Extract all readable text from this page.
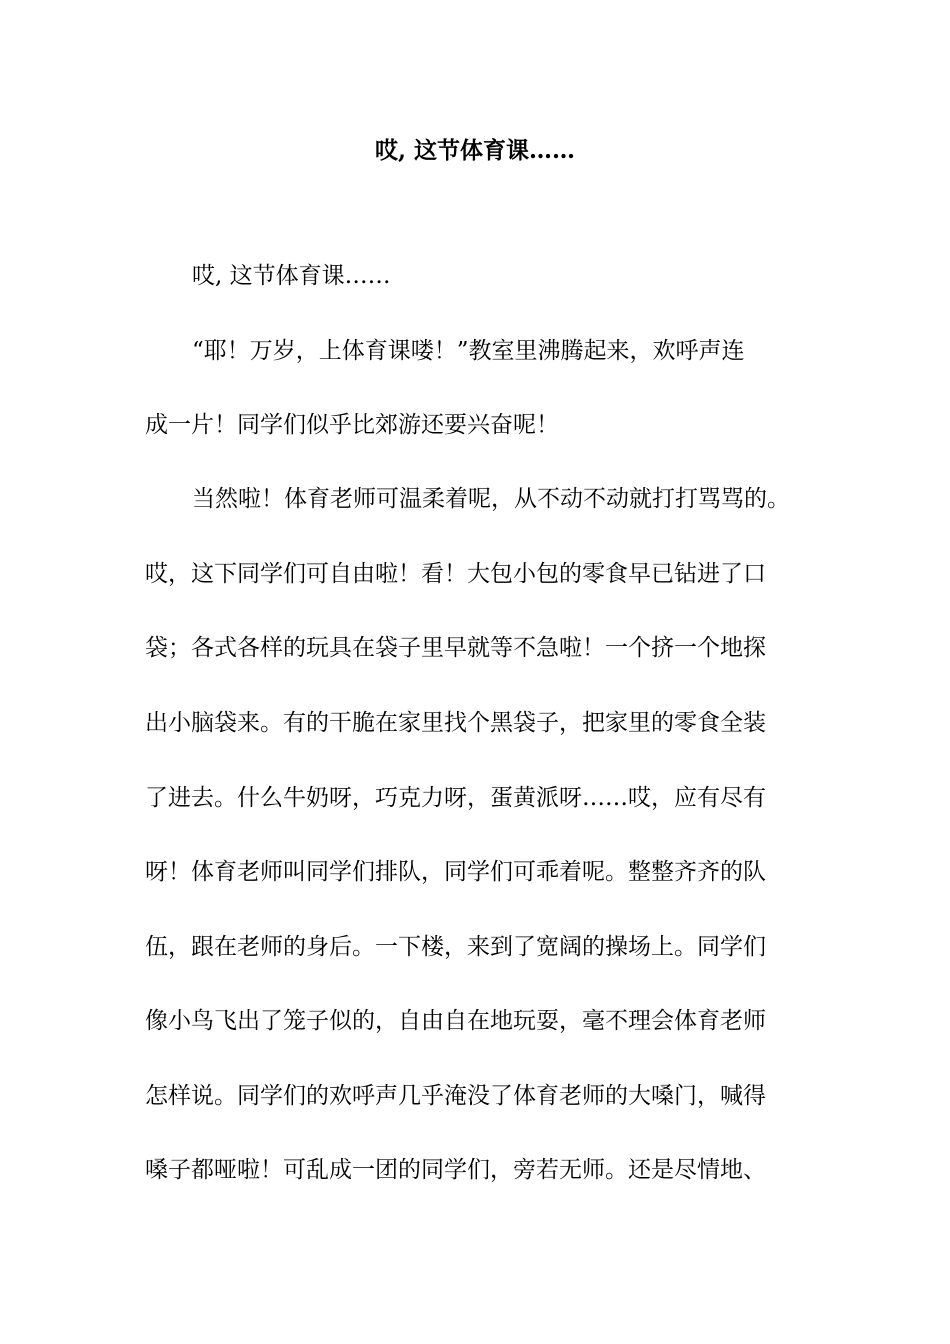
哎, 这节体育课……
哎, 这节体育课……
“耶！万岁，上体育课喽！”教室里沸腾起来，欢呼声连
成一片！同学们似乎比郊游还要兴奋呢！
当然啦！体育老师可温柔着呢，从不动不动就打打骂骂的。
哎，这下同学们可自由啦！看！大包小包的零食早已钻进了口
袋；各式各样的玩具在袋子里早就等不急啦！一个挤一个地探
出小脑袋来。有的干脆在家里找个黑袋子，把家里的零食全装
了进去。什么牛奶呀，巧克力呀，蛋黄派呀……哎，应有尽有
呀！体育老师叫同学们排队，同学们可乖着呢。整整齐齐的队
伍，跟在老师的身后。一下楼，来到了宽阔的操场上。同学们
像小鸟飞出了笼子似的，自由自在地玩耍，毫不理会体育老师
怎样说。同学们的欢呼声几乎淹没了体育老师的大嗓门，喊得
嗓子都哑啦！可乱成一团的同学们，旁若无师。还是尽情地、
